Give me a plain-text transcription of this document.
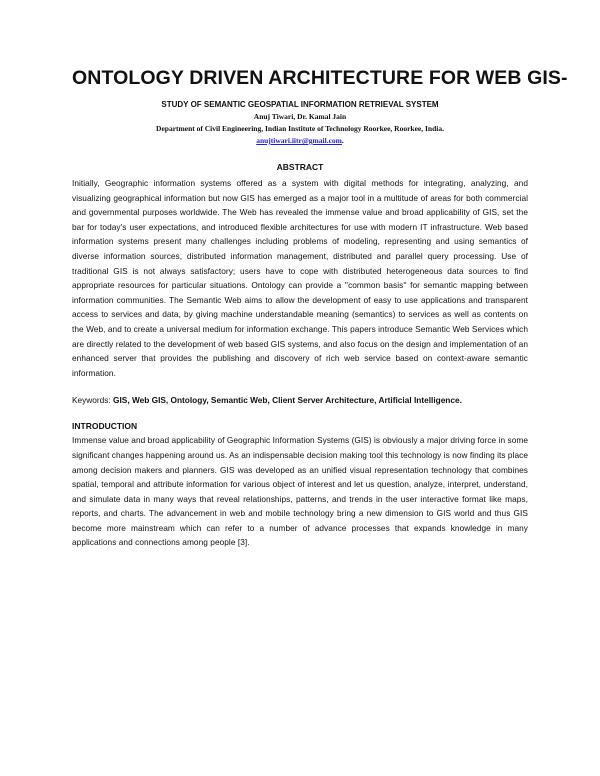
ONTOLOGY DRIVEN ARCHITECTURE FOR WEB GIS-
STUDY OF SEMANTIC GEOSPATIAL INFORMATION RETRIEVAL SYSTEM
Anuj Tiwari, Dr. Kamal Jain
Department of Civil Engineering, Indian Institute of Technology Roorkee, Roorkee, India.
anujtiwari.iitr@gmail.com.
ABSTRACT

Initially, Geographic information systems offered as a system with digital methods for integrating, analyzing, and visualizing geographical information but now GIS has emerged as a major tool in a multitude of areas for both commercial and governmental purposes worldwide. The Web has revealed the immense value and broad applicability of GIS, set the bar for today's user expectations, and introduced flexible architectures for use with modern IT infrastructure. Web based information systems present many challenges including problems of modeling, representing and using semantics of diverse information sources, distributed information management, distributed and parallel query processing. Use of traditional GIS is not always satisfactory; users have to cope with distributed heterogeneous data sources to find appropriate resources for particular situations. Ontology can provide a ''common basis'' for semantic mapping between information communities. The Semantic Web aims to allow the development of easy to use applications and transparent access to services and data, by giving machine understandable meaning (semantics) to services as well as contents on the Web, and to create a universal medium for information exchange. This papers introduce Semantic Web Services which are directly related to the development of web based GIS systems, and also focus on the design and implementation of an enhanced server that provides the publishing and discovery of rich web service based on context-aware semantic information.

Keywords: GIS, Web GIS, Ontology, Semantic Web, Client Server Architecture, Artificial Intelligence.
INTRODUCTION

Immense value and broad applicability of Geographic Information Systems (GIS) is obviously a major driving force in some significant changes happening around us. As an indispensable decision making tool this technology is now finding its place among decision makers and planners. GIS was developed as an unified visual representation technology that combines spatial, temporal and attribute information for various object of interest and let us question, analyze, interpret, understand, and simulate data in many ways that reveal relationships, patterns, and trends in the user interactive format like maps, reports, and charts. The advancement in web and mobile technology bring a new dimension to GIS world and thus GIS become more mainstream which can refer to a number of advance processes that expands knowledge in many applications and connections among people [3].
